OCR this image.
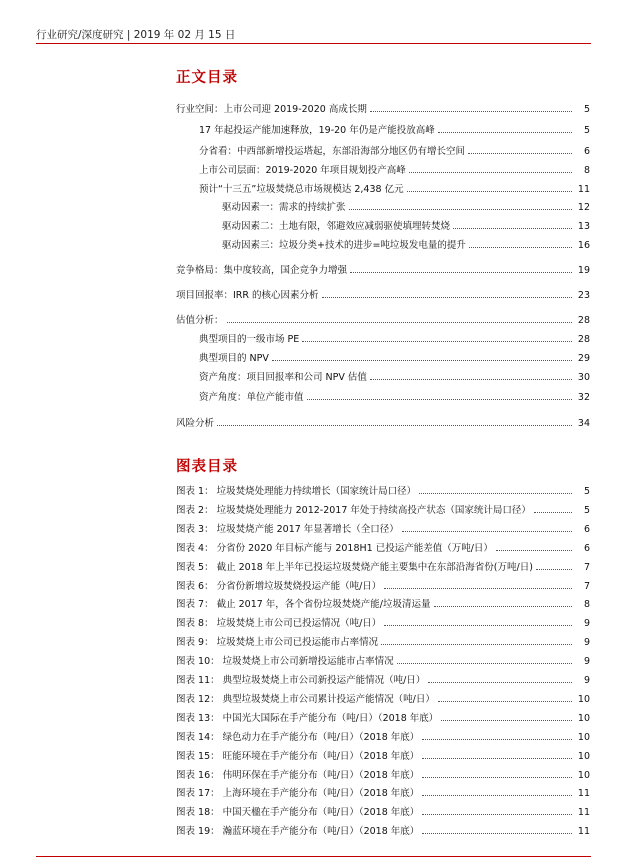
行业研究/深度研究 | 2019 年 02 月 15 日
正文目录
行业空间：上市公司迎 2019-2020 高成长期	5
17 年起投运产能加速释放，19-20 年仍是产能投放高峰	5
分省看：中西部新增投运塔起，东部沿海部分地区仍有增长空间	6
上市公司层面：2019-2020 年项目规划投产高峰	8
预计“十三五”垃圾焚烧总市场规模达 2,438 亿元	11
驱动因素一：需求的持续扩张	12
驱动因素二：土地有限，邻避效应减弱驱使填埋转焚烧	13
驱动因素三：垃圾分类+技术的进步=吨垃圾发电量的提升	16
竞争格局：集中度较高，国企竞争力增强	19
项目回报率：IRR 的核心因素分析	23
估值分析：	28
典型项目的一级市场 PE	28
典型项目的 NPV	29
资产角度：项目回报率和公司 NPV 估值	30
资产角度：单位产能市值	32
风险分析	34
图表目录
图表 1： 垃圾焚烧处理能力持续增长（国家统计局口径）	5
图表 2： 垃圾焚烧处理能力 2012-2017 年处于持续高投产状态（国家统计局口径）	5
图表 3： 垃圾焚烧产能 2017 年显著增长（全口径）	6
图表 4： 分省份 2020 年目标产能与 2018H1 已投运产能差值（万吨/日）	6
图表 5： 截止 2018 年上半年已投运垃圾焚烧产能主要集中在东部沿海省份(万吨/日)	7
图表 6： 分省份新增垃圾焚烧投运产能（吨/日）	7
图表 7： 截止 2017 年，各个省份垃圾焚烧产能/垃圾清运量	8
图表 8： 垃圾焚烧上市公司已投运情况（吨/日）	9
图表 9： 垃圾焚烧上市公司已投运能市占率情况	9
图表 10： 垃圾焚烧上市公司新增投运能市占率情况	9
图表 11： 典型垃圾焚烧上市公司新投运产能情况（吨/日）	9
图表 12： 典型垃圾焚烧上市公司累计投运产能情况（吨/日）	10
图表 13： 中国光大国际在手产能分布（吨/日）（2018 年底）	10
图表 14： 绿色动力在手产能分布（吨/日）（2018 年底）	10
图表 15： 旺能环境在手产能分布（吨/日）（2018 年底）	10
图表 16： 伟明环保在手产能分布（吨/日）（2018 年底）	10
图表 17： 上海环境在手产能分布（吨/日）（2018 年底）	11
图表 18： 中国天楹在手产能分布（吨/日）（2018 年底）	11
图表 19： 瀚蓝环境在手产能分布（吨/日）（2018 年底）	11
